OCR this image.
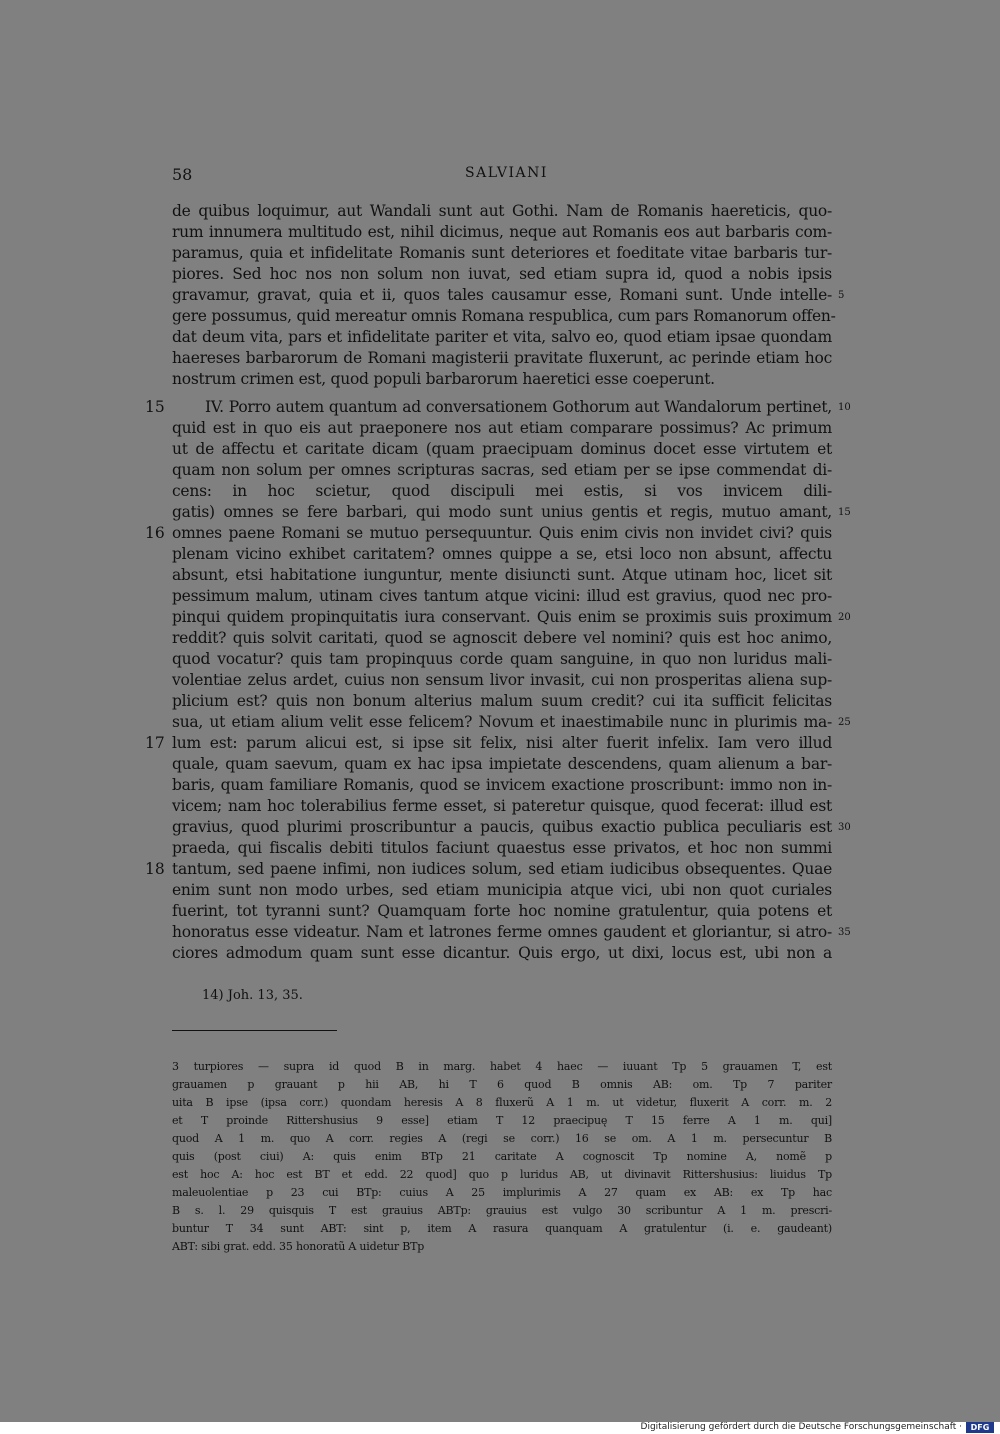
58	SALVIANI
de quibus loquimur, aut Wandali sunt aut Gothi. Nam de Romanis haereticis, quo-
rum innumera multitudo est, nihil dicimus, neque aut Romanis eos aut barbaris com-
paramus, quia et infidelitate Romanis sunt deteriores et foeditate vitae barbaris tur-
piores. Sed hoc nos non solum non iuvat, sed etiam supra id, quod a nobis ipsis
gravamur, gravat, quia et ii, quos tales causamur esse, Romani sunt. Unde intelle-
gere possumus, quid mereatur omnis Romana respublica, cum pars Romanorum offen-
dat deum vita, pars et infidelitate pariter et vita, salvo eo, quod etiam ipsae quondam
haereses barbarorum de Romani magisterii pravitate fluxerunt, ac perinde etiam hoc
nostrum crimen est, quod populi barbarorum haeretici esse coeperunt.
IV. Porro autem quantum ad conversationem Gothorum aut Wandalorum pertinet,
quid est in quo eis aut praeponere nos aut etiam comparare possimus? Ac primum
ut de affectu et caritate dicam (quam praecipuam dominus docet esse virtutem et
quam non solum per omnes scripturas sacras, sed etiam per se ipse commendat di-
cens: in hoc scietur, quod discipuli mei estis, si vos invicem dili-
gatis) omnes se fere barbari, qui modo sunt unius gentis et regis, mutuo amant,
omnes paene Romani se mutuo persequuntur. Quis enim civis non invidet civi? quis
plenam vicino exhibet caritatem? omnes quippe a se, etsi loco non absunt, affectu
absunt, etsi habitatione iunguntur, mente disiuncti sunt. Atque utinam hoc, licet sit
pessimum malum, utinam cives tantum atque vicini: illud est gravius, quod nec pro-
pinqui quidem propinquitatis iura conservant. Quis enim se proximis suis proximum
reddit? quis solvit caritati, quod se agnoscit debere vel nomini? quis est hoc animo,
quod vocatur? quis tam propinquus corde quam sanguine, in quo non luridus mali-
volentiae zelus ardet, cuius non sensum livor invasit, cui non prosperitas aliena sup-
plicium est? quis non bonum alterius malum suum credit? cui ita sufficit felicitas
sua, ut etiam alium velit esse felicem? Novum et inaestimabile nunc in plurimis ma-
lum est: parum alicui est, si ipse sit felix, nisi alter fuerit infelix. Iam vero illud
quale, quam saevum, quam ex hac ipsa impietate descendens, quam alienum a bar-
baris, quam familiare Romanis, quod se invicem exactione proscribunt: immo non in-
vicem; nam hoc tolerabilius ferme esset, si pateretur quisque, quod fecerat: illud est
gravius, quod plurimi proscribuntur a paucis, quibus exactio publica peculiaris est
praeda, qui fiscalis debiti titulos faciunt quaestus esse privatos, et hoc non summi
tantum, sed paene infimi, non iudices solum, sed etiam iudicibus obsequentes. Quae
enim sunt non modo urbes, sed etiam municipia atque vici, ubi non quot curiales
fuerint, tot tyranni sunt? Quamquam forte hoc nomine gratulentur, quia potens et
honoratus esse videatur. Nam et latrones ferme omnes gaudent et gloriantur, si atro-
ciores admodum quam sunt esse dicantur. Quis ergo, ut dixi, locus est, ubi non a
5
10
15
20
25
30
35
15
16
17
18
14) Joh. 13, 35.
3 turpiores — supra id quod B in marg. habet 4 haec — iuuant Tp 5 grauamen T, est
grauamen p grauant p hii AB, hi T 6 quod B omnis AB: om. Tp 7 pariter
uita B ipse (ipsa corr.) quondam heresis A 8 fluxerũ A 1 m. ut videtur, fluxerit A corr. m. 2
et T proinde Rittershusius 9 esse] etiam T 12 praecipuę T 15 ferre A 1 m. qui]
quod A 1 m. quo A corr. regies A (regi se corr.) 16 se om. A 1 m. persecuntur B
quis (post ciui) A: quis enim BTp 21 caritate A cognoscit Tp nomine A, nomẽ p
est hoc A: hoc est BT et edd. 22 quod] quo p luridus AB, ut divinavit Rittershusius: liuidus Tp
maleuolentiae p 23 cui BTp: cuius A 25 implurimis A 27 quam ex AB: ex Tp hac
B s. l. 29 quisquis T est grauius ABTp: grauius est vulgo 30 scribuntur A 1 m. prescri-
buntur T 34 sunt ABT: sint p, item A rasura quanquam A gratulentur (i. e. gaudeant)
ABT: sibi grat. edd. 35 honoratũ A uidetur BTp
Digitalisierung gefördert durch die Deutsche Forschungsgemeinschaft ·	DFG
